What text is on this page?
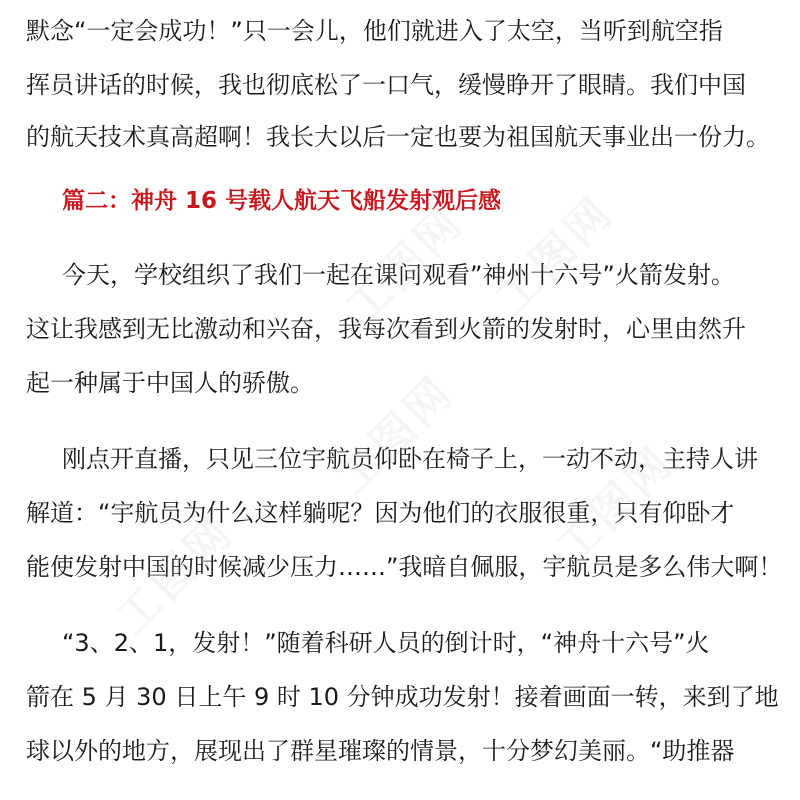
默念“一定会成功！”只一会儿，他们就进入了太空，当听到航空指
挥员讲话的时候，我也彻底松了一口气，缓慢睁开了眼睛。我们中国
的航天技术真高超啊！我长大以后一定也要为祖国航天事业出一份力。
篇二：神舟 16 号载人航天飞船发射观后感
今天，学校组织了我们一起在课问观看”神州十六号”火箭发射。
这让我感到无比激动和兴奋，我每次看到火箭的发射时，心里由然升
起一种属于中国人的骄傲。
刚点开直播，只见三位宇航员仰卧在椅子上，一动不动，主持人讲
解道：“宇航员为什么这样躺呢？因为他们的衣服很重，只有仰卧才
能使发射中国的时候减少压力……”我暗自佩服，宇航员是多么伟大啊！
“3、2、1，发射！”随着科研人员的倒计时，“神舟十六号”火
箭在 5 月 30 日上午 9 时 10 分钟成功发射！接着画面一转，来到了地
球以外的地方，展现出了群星璀璨的情景，十分梦幻美丽。“助推器
工图网 工图网
工图网
工图网
工图网
